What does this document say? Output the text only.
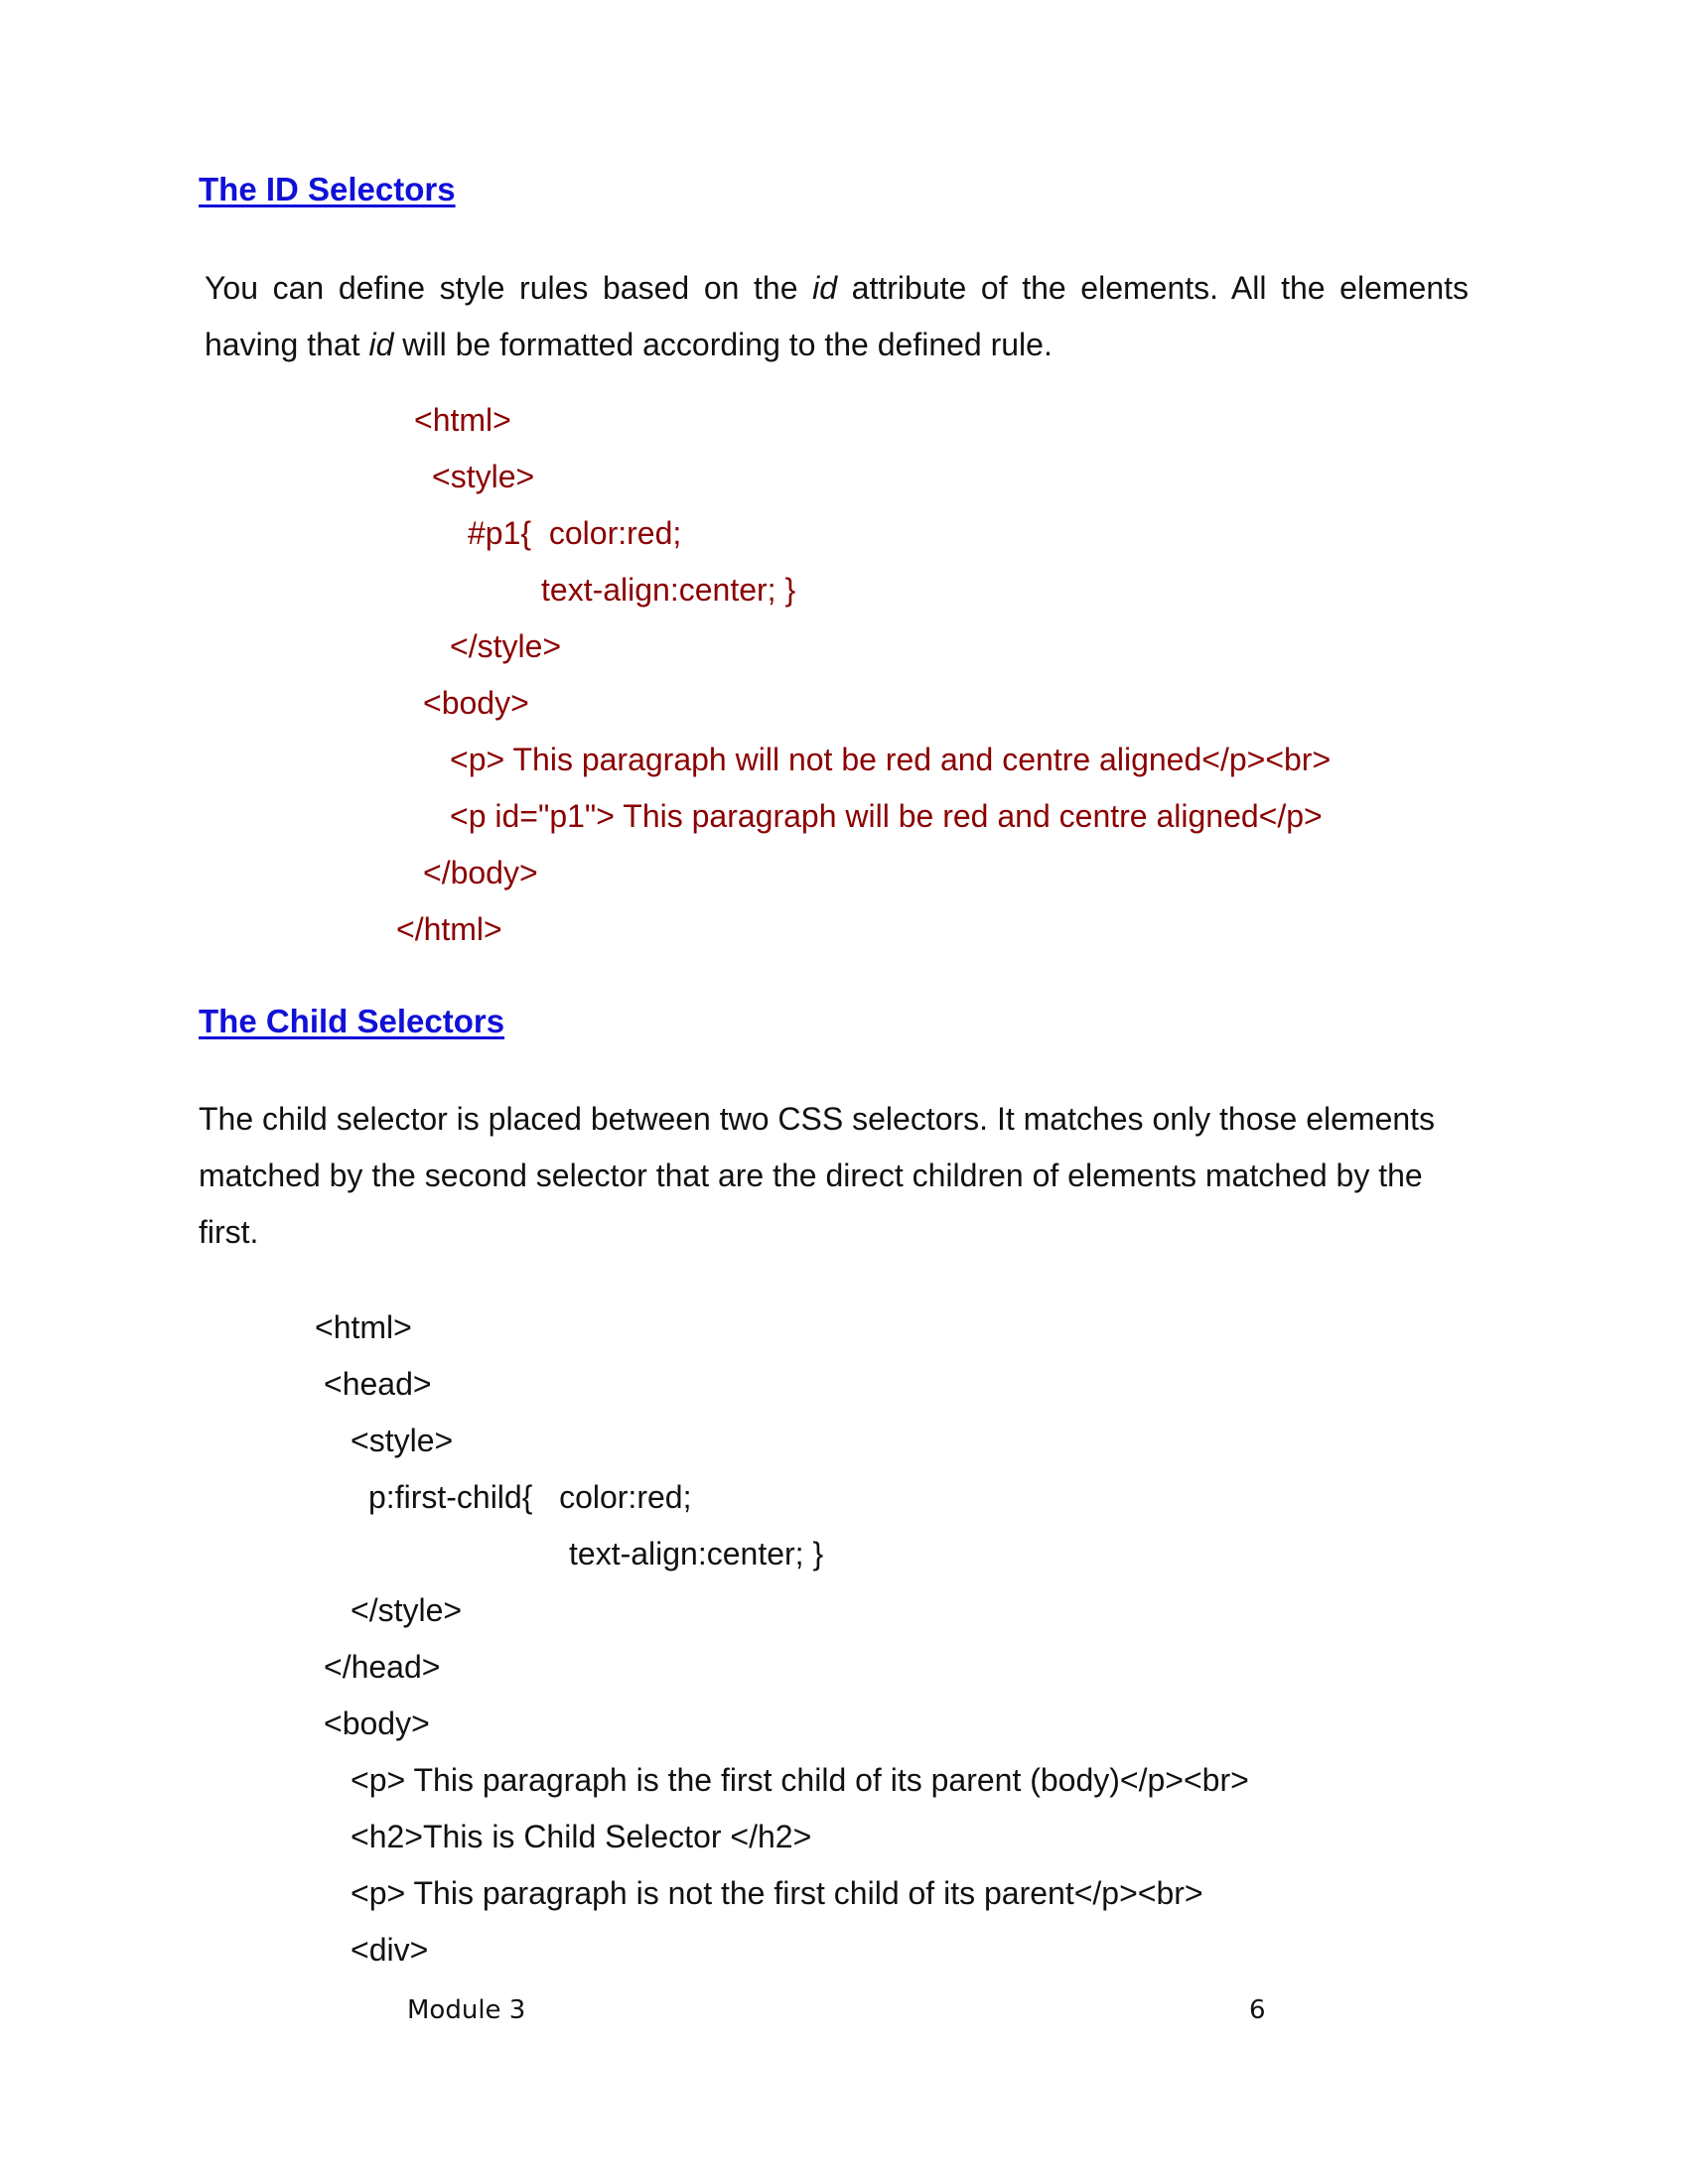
The ID Selectors
You can define style rules based on the id attribute of the elements. All the elements having that id will be formatted according to the defined rule.
<html>
<style>
#p1{  color:red;
text-align:center; }
</style>
<body>
<p> This paragraph will not be red and centre aligned</p><br>
<p id="p1"> This paragraph will be red and centre aligned</p>
</body>
</html>
The Child Selectors
The child selector is placed between two CSS selectors. It matches only those elements matched by the second selector that are the direct children of elements matched by the first.
<html>
<head>
<style>
p:first-child{   color:red;
text-align:center; }
</style>
</head>
<body>
<p> This paragraph is the first child of its parent (body)</p><br>
<h2>This is Child Selector </h2>
<p> This paragraph is not the first child of its parent</p><br>
<div>
Module 3	6
